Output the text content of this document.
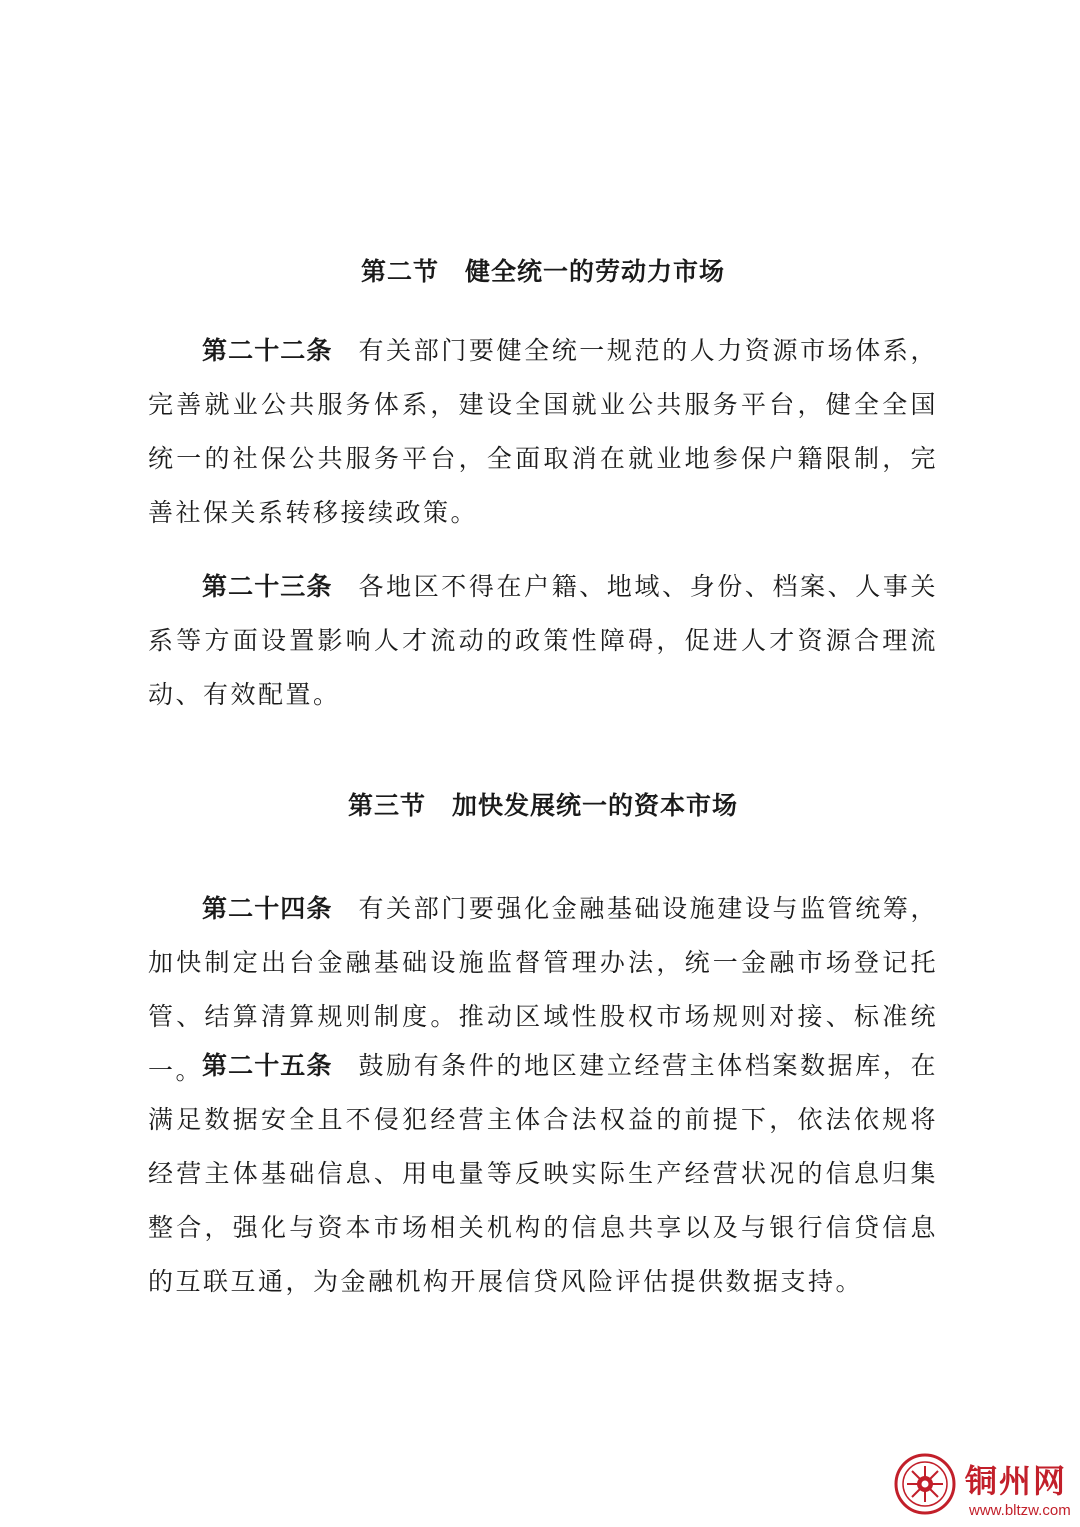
第二节　健全统一的劳动力市场

第二十二条 有关部门要健全统一规范的人力资源市场体系，完善就业公共服务体系，建设全国就业公共服务平台，健全全国统一的社保公共服务平台，全面取消在就业地参保户籍限制，完善社保关系转移接续政策。

第二十三条 各地区不得在户籍、地域、身份、档案、人事关系等方面设置影响人才流动的政策性障碍，促进人才资源合理流动、有效配置。

第三节　加快发展统一的资本市场

第二十四条 有关部门要强化金融基础设施建设与监管统筹，加快制定出台金融基础设施监督管理办法，统一金融市场登记托管、结算清算规则制度。推动区域性股权市场规则对接、标准统一。

第二十五条 鼓励有条件的地区建立经营主体档案数据库，在满足数据安全且不侵犯经营主体合法权益的前提下，依法依规将经营主体基础信息、用电量等反映实际生产经营状况的信息归集整合，强化与资本市场相关机构的信息共享以及与银行信贷信息的互联互通，为金融机构开展信贷风险评估提供数据支持。

铜州网
www.bltzw.com
